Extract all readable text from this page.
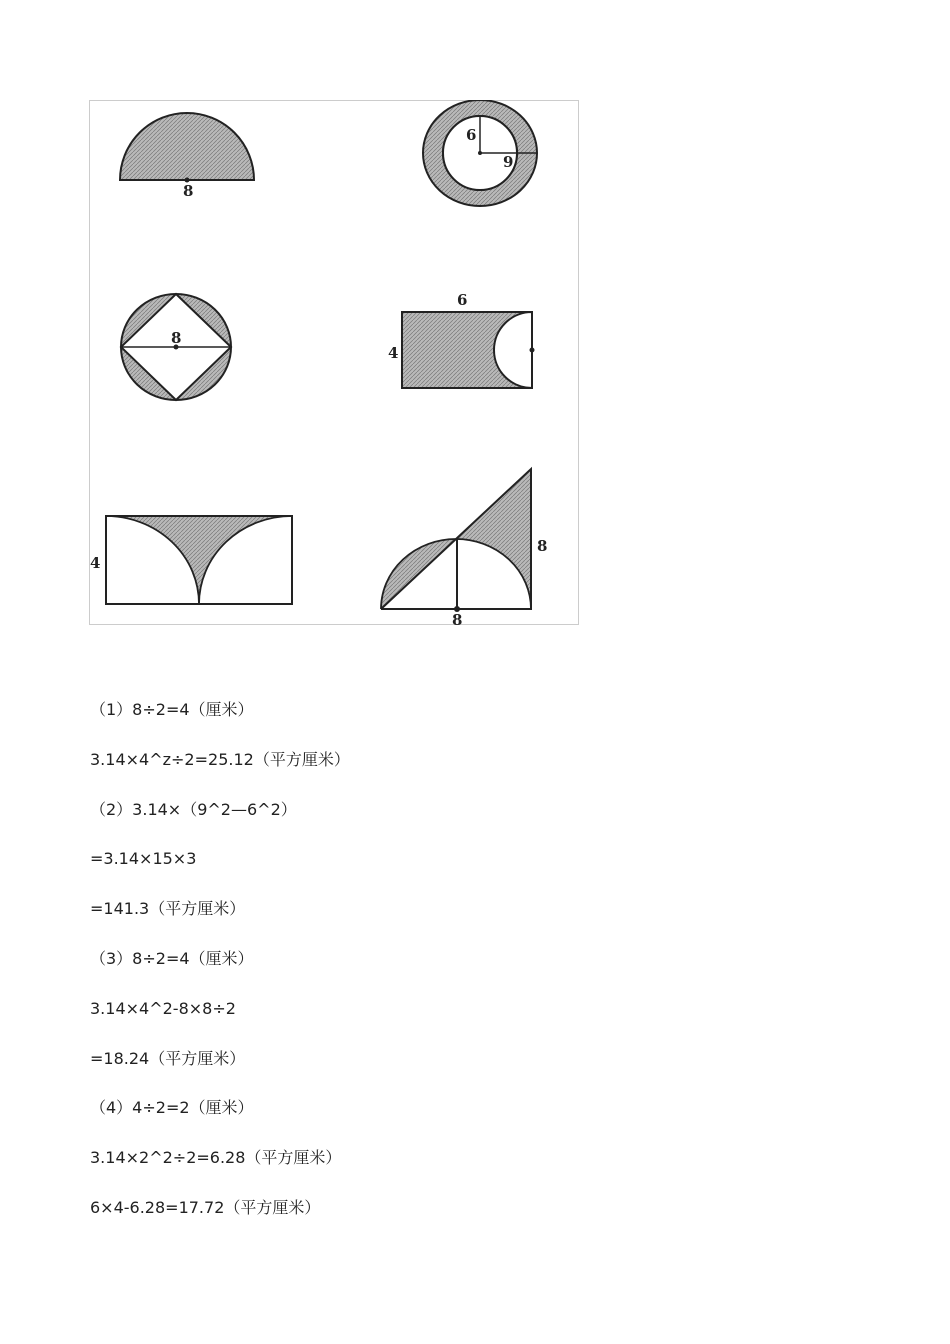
8
6
9
8
6
4
4
8
8
（1）8÷2=4（厘米）
3.14×4^z÷2=25.12（平方厘米）
（2）3.14×（9^2—6^2）
=3.14×15×3
=141.3（平方厘米）
（3）8÷2=4（厘米）
3.14×4^2-8×8÷2
=18.24（平方厘米）
（4）4÷2=2（厘米）
3.14×2^2÷2=6.28（平方厘米）
6×4-6.28=17.72（平方厘米）
